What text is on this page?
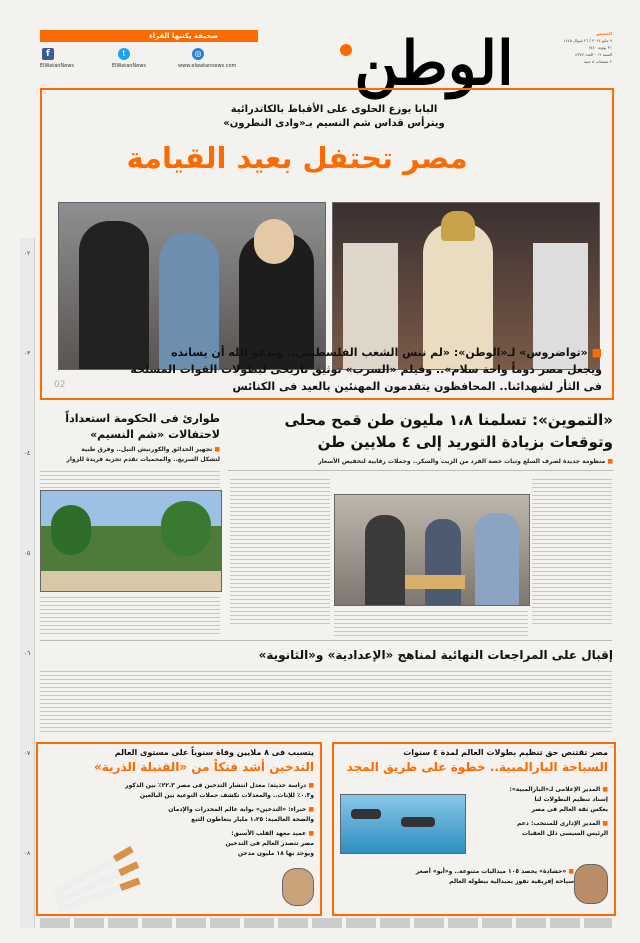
٠٢
٠٣
٠٤
٠٥
٠٦
٠٧
٠٨
صحيفة يكتبها القراء
f
ElWatanNews
t
ElWatanNews
◎
www.elwatannews.com	الوطن	الخميس
٩ مايو ٢٠٢٤ / ٢٦ شوال ١٤٤٥
٣١ بؤونة ١٧٤٠
السنة ١٢ - العدد ٤٣٧٧
٢ صفحات ٥ جنيه
البابا يوزع الحلوى على الأقباط بالكاتدرائية
ويترأس قداس شم النسيم بـ«وادى النطرون»
مصر تحتفل بعيد القيامة
■ «تواضروس» لـ«الوطن»: «لم ننس الشعب الفلسطينى.. وندعو الله أن يسانده
ويجعل مصر دوماً واحة سلام».. وفيلم «السرب» توثيق تاريخى لبطولات القوات المسلحة
فى الثأر لشهدائنا.. المحافظون يتقدمون المهنئين بالعيد فى الكنائس
02
«التموين»: تسلمنا ١،٨ مليون طن قمح محلى
وتوقعات بزيادة التوريد إلى ٤ ملايين طن
■ منظومة جديدة لصرف السلع وثبات حصة الفرد من الزيت والسكر.. وحملات رقابية لتخفيض الأسعار
طوارئ فى الحكومة استعداداً
لاحتفالات «شم النسيم»
■ تجهيز الحدائق والكورنيش النيل.. وفرق طبية
لتشكل السريع.. والمحميات تقدم تجربة فريدة للزوار
إقبال على المراجعات النهائية لمناهج «الإعدادية» و«الثانوية»
يتسبب فى ٨ ملايين وفاة سنوياً على مستوى العالم
التدخين أشد فتكاً من «القنبلة الذرية»
■ دراسة حديثة: معدل انتشار التدخين فى مصر ٢٢.٣٪ بين الذكور
و٠.٣٪ للإناث.. والمعدلات تكشف حملات التوعية بين البالغين
■ خبراء: «التدخين» بوابة عالم المخدرات والإدمان
والصحة العالمية: ١،٢٥ مليار يتعاطون التبغ
■ عميد معهد القلب الأسبق:
مصر تتصدر العالم فى التدخين
ويوجد بها ١٨ مليون مدخن
مصر تقتنص حق تنظيم بطولات العالم لمدة ٤ سنوات
السباحة البارالمبية.. خطوة على طريق المجد
■ المدير الإعلامى لـ«البارالمبية»:
إسناد تنظيم البطولات لنا
يعكس ثقة العالم فى مصر
■ المدير الإدارى للمنتخب: دعم
الرئيس السيسى ذلل العقبات
■ «حشادة» يحصد ١٠٥ ميداليات متنوعة.. و«أبو» أصغر
سباحة إفريقية تفوز بميدالية ببطولة العالم
